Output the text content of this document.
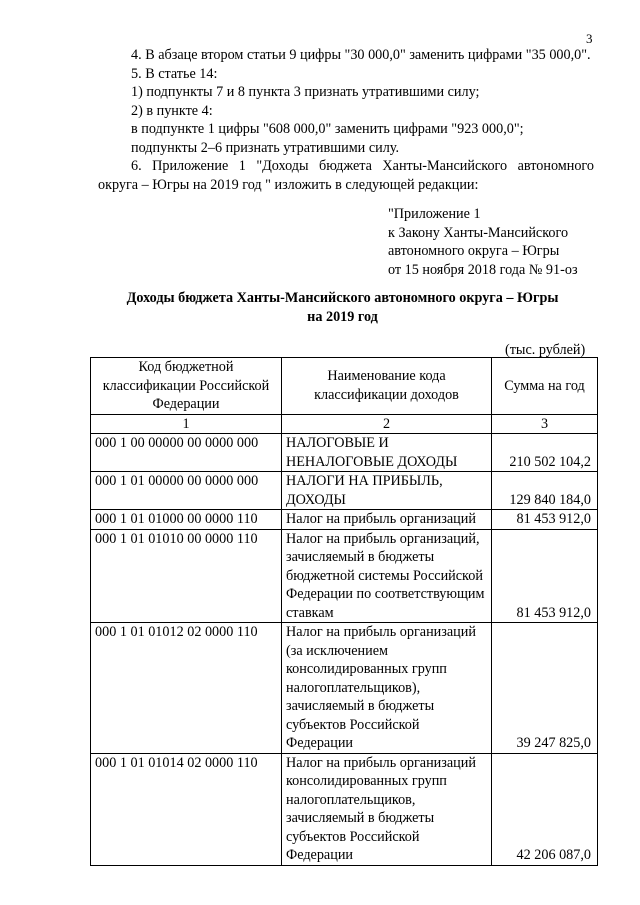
3

4. В абзаце втором статьи 9 цифры "30 000,0" заменить цифрами "35 000,0".

5. В статье 14:

1) подпункты 7 и 8 пункта 3 признать утратившими силу;

2) в пункте 4:

в подпункте 1 цифры "608 000,0" заменить цифрами "923 000,0";

подпункты 2–6 признать утратившими силу.

6. Приложение 1 "Доходы бюджета Ханты-Мансийского автономного округа – Югры на 2019 год " изложить в следующей редакции:

"Приложение 1
к Закону Ханты-Мансийского
автономного округа – Югры
от 15 ноября 2018 года № 91-оз
Доходы бюджета Ханты-Мансийского автономного округа – Югры
на 2019 год
(тыс. рублей)
Код бюджетной классификации Российской Федерации	Наименование кода классификации доходов	Сумма на год
1	2	3
000 1 00 00000 00 0000 000	НАЛОГОВЫЕ И НЕНАЛОГОВЫЕ ДОХОДЫ	210 502 104,2
000 1 01 00000 00 0000 000	НАЛОГИ НА ПРИБЫЛЬ, ДОХОДЫ	129 840 184,0
000 1 01 01000 00 0000 110	Налог на прибыль организаций	81 453 912,0
000 1 01 01010 00 0000 110	Налог на прибыль организаций, зачисляемый в бюджеты бюджетной системы Российской Федерации по соответствующим ставкам	81 453 912,0
000 1 01 01012 02 0000 110	Налог на прибыль организаций (за исключением консолидированных групп налогоплательщиков), зачисляемый в бюджеты субъектов Российской Федерации	39 247 825,0
000 1 01 01014 02 0000 110	Налог на прибыль организаций консолидированных групп налогоплательщиков, зачисляемый в бюджеты субъектов Российской Федерации	42 206 087,0
